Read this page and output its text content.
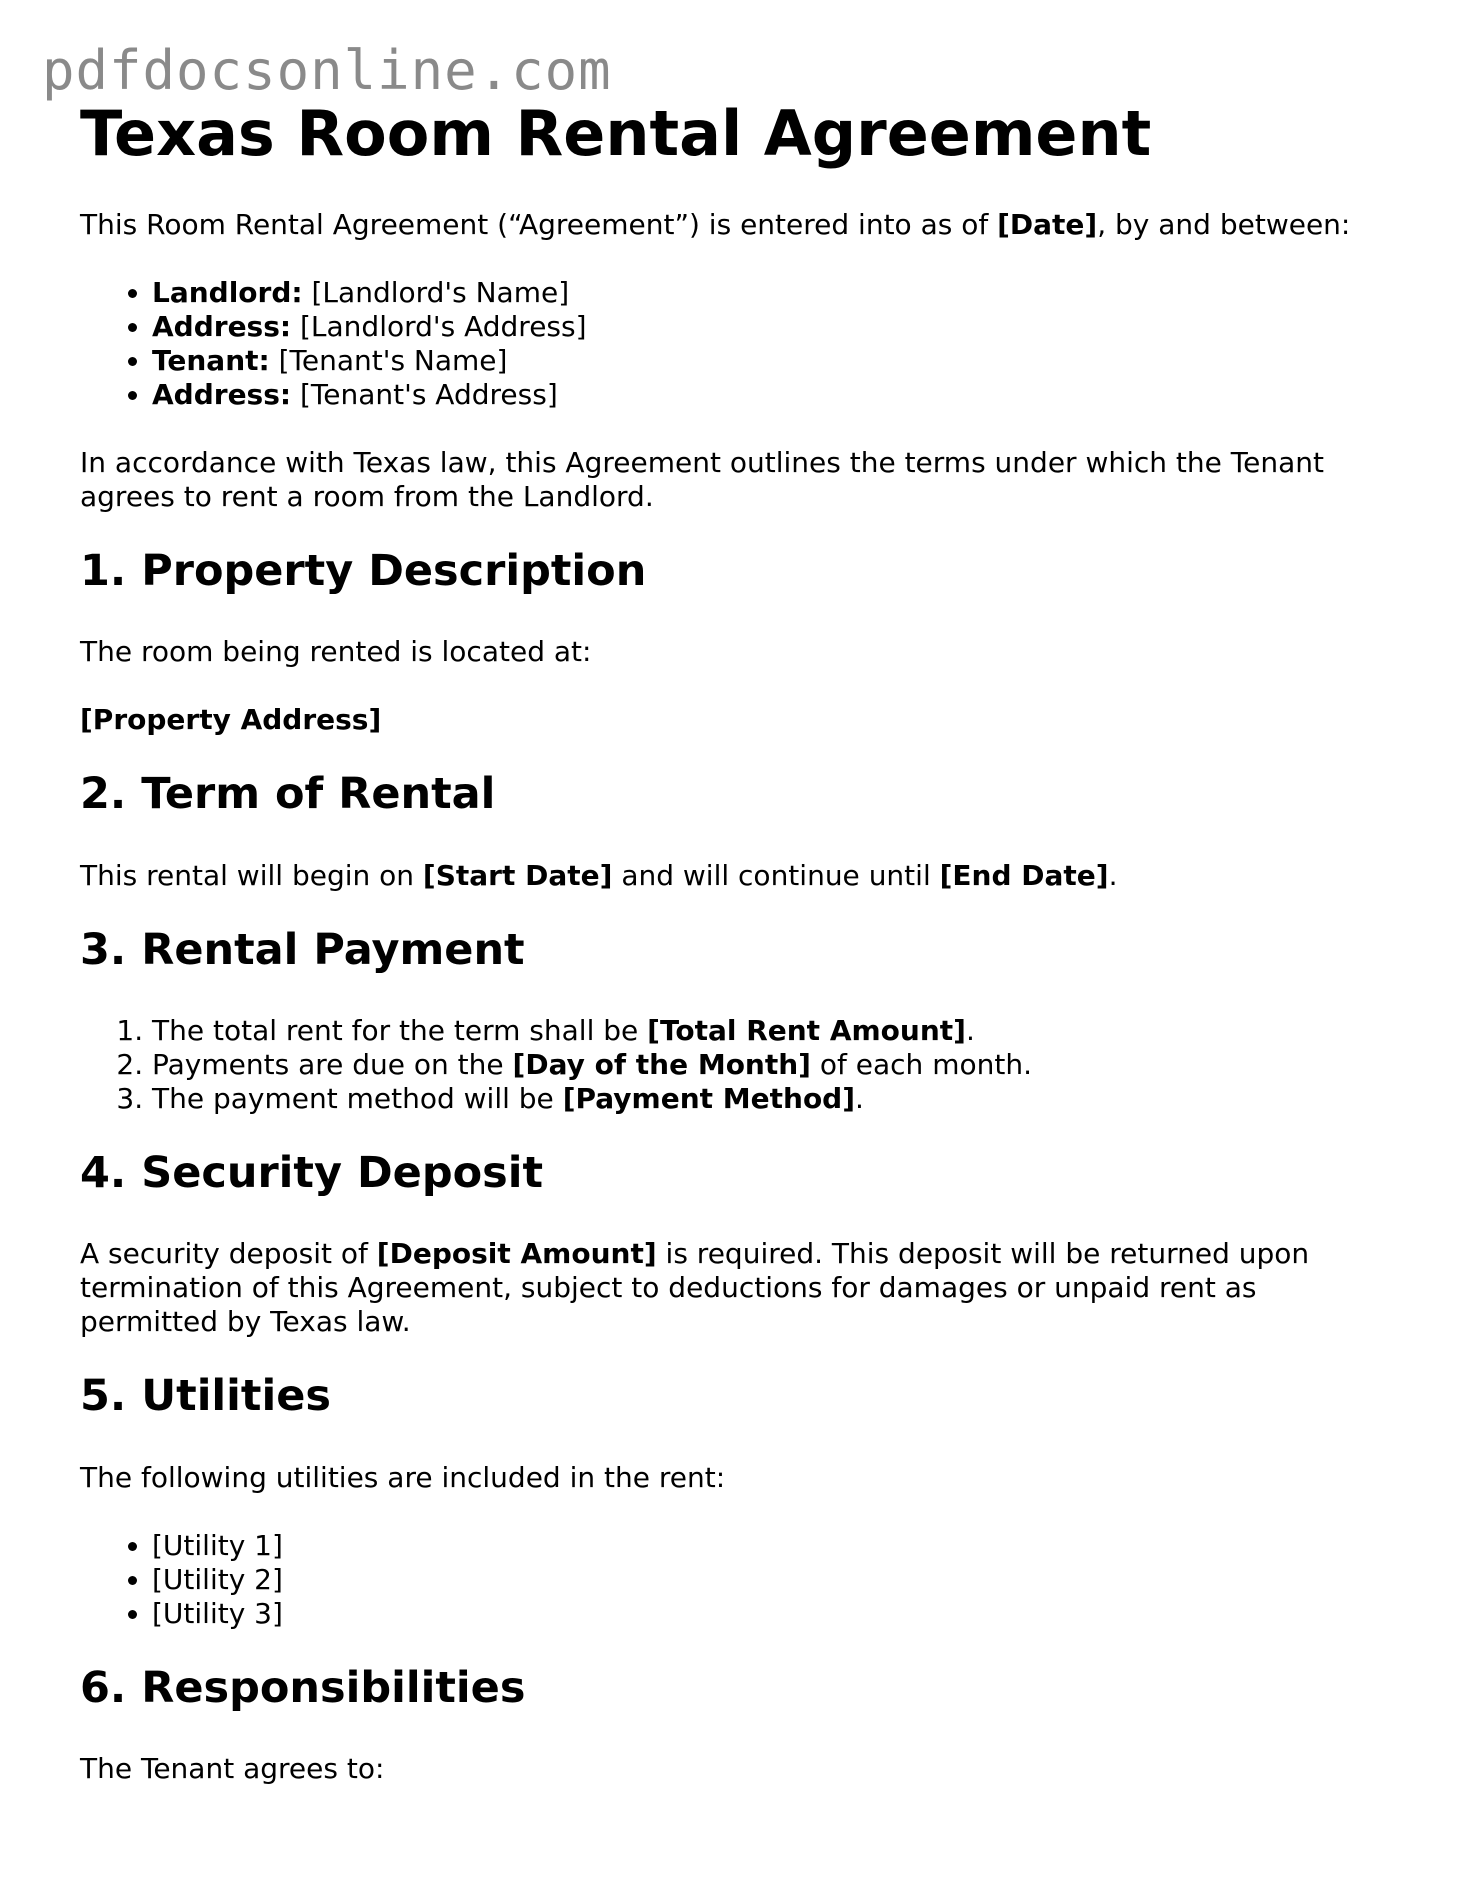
pdfdocsonline.com
Texas Room Rental Agreement

This Room Rental Agreement (“Agreement”) is entered into as of [Date], by and between:

• Landlord: [Landlord's Name]
• Address: [Landlord's Address]
• Tenant: [Tenant's Name]
• Address: [Tenant's Address]

In accordance with Texas law, this Agreement outlines the terms under which the Tenant agrees to rent a room from the Landlord.

1. Property Description

The room being rented is located at:

[Property Address]

2. Term of Rental

This rental will begin on [Start Date] and will continue until [End Date].

3. Rental Payment
1. The total rent for the term shall be [Total Rent Amount].
2. Payments are due on the [Day of the Month] of each month.
3. The payment method will be [Payment Method].
4. Security Deposit

A security deposit of [Deposit Amount] is required. This deposit will be returned upon termination of this Agreement, subject to deductions for damages or unpaid rent as permitted by Texas law.

5. Utilities

The following utilities are included in the rent:

• [Utility 1]
• [Utility 2]
• [Utility 3]
6. Responsibilities

The Tenant agrees to:
